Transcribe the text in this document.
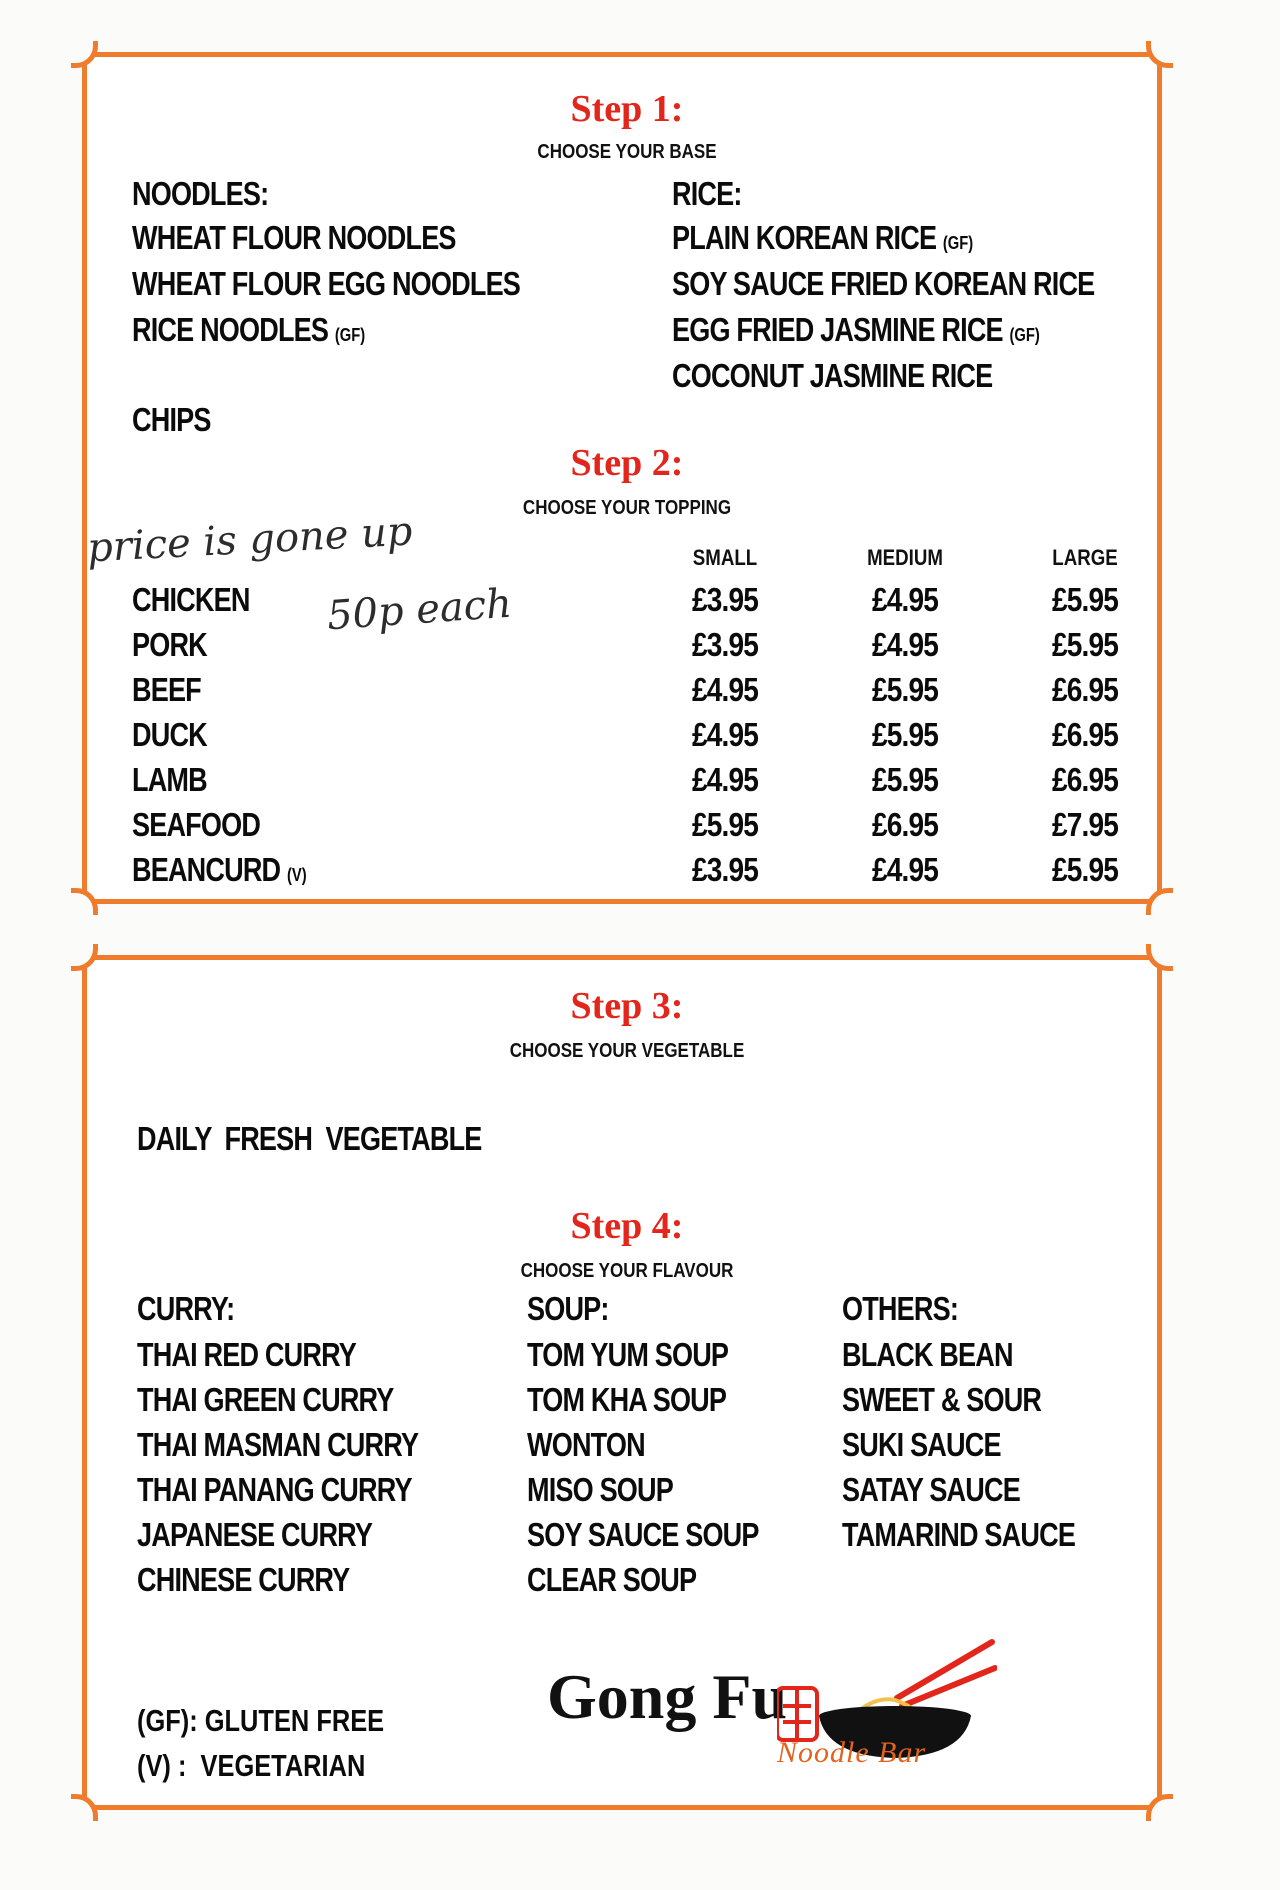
Step 1:
CHOOSE YOUR BASE
NOODLES:
WHEAT FLOUR NOODLES
WHEAT FLOUR EGG NOODLES
RICE NOODLES (GF)
CHIPS
RICE:
PLAIN KOREAN RICE (GF)
SOY SAUCE FRIED KOREAN RICE
EGG FRIED JASMINE RICE (GF)
COCONUT JASMINE RICE
Step 2:
CHOOSE YOUR TOPPING
price is gone up
50p each
SMALL	MEDIUM	LARGE
CHICKEN	£3.95	£4.95	£5.95
PORK	£3.95	£4.95	£5.95
BEEF	£4.95	£5.95	£6.95
DUCK	£4.95	£5.95	£6.95
LAMB	£4.95	£5.95	£6.95
SEAFOOD	£5.95	£6.95	£7.95
BEANCURD (V)	£3.95	£4.95	£5.95
Step 3:
CHOOSE YOUR VEGETABLE
DAILY  FRESH  VEGETABLE
Step 4:
CHOOSE YOUR FLAVOUR
CURRY:
THAI RED CURRY
THAI GREEN CURRY
THAI MASMAN CURRY
THAI PANANG CURRY
JAPANESE CURRY
CHINESE CURRY
SOUP:
TOM YUM SOUP
TOM KHA SOUP
WONTON
MISO SOUP
SOY SAUCE SOUP
CLEAR SOUP
OTHERS:
BLACK BEAN
SWEET & SOUR
SUKI SAUCE
SATAY SAUCE
TAMARIND SAUCE
(GF): GLUTEN FREE
(V) :  VEGETARIAN
Gong Fu
Noodle Bar
